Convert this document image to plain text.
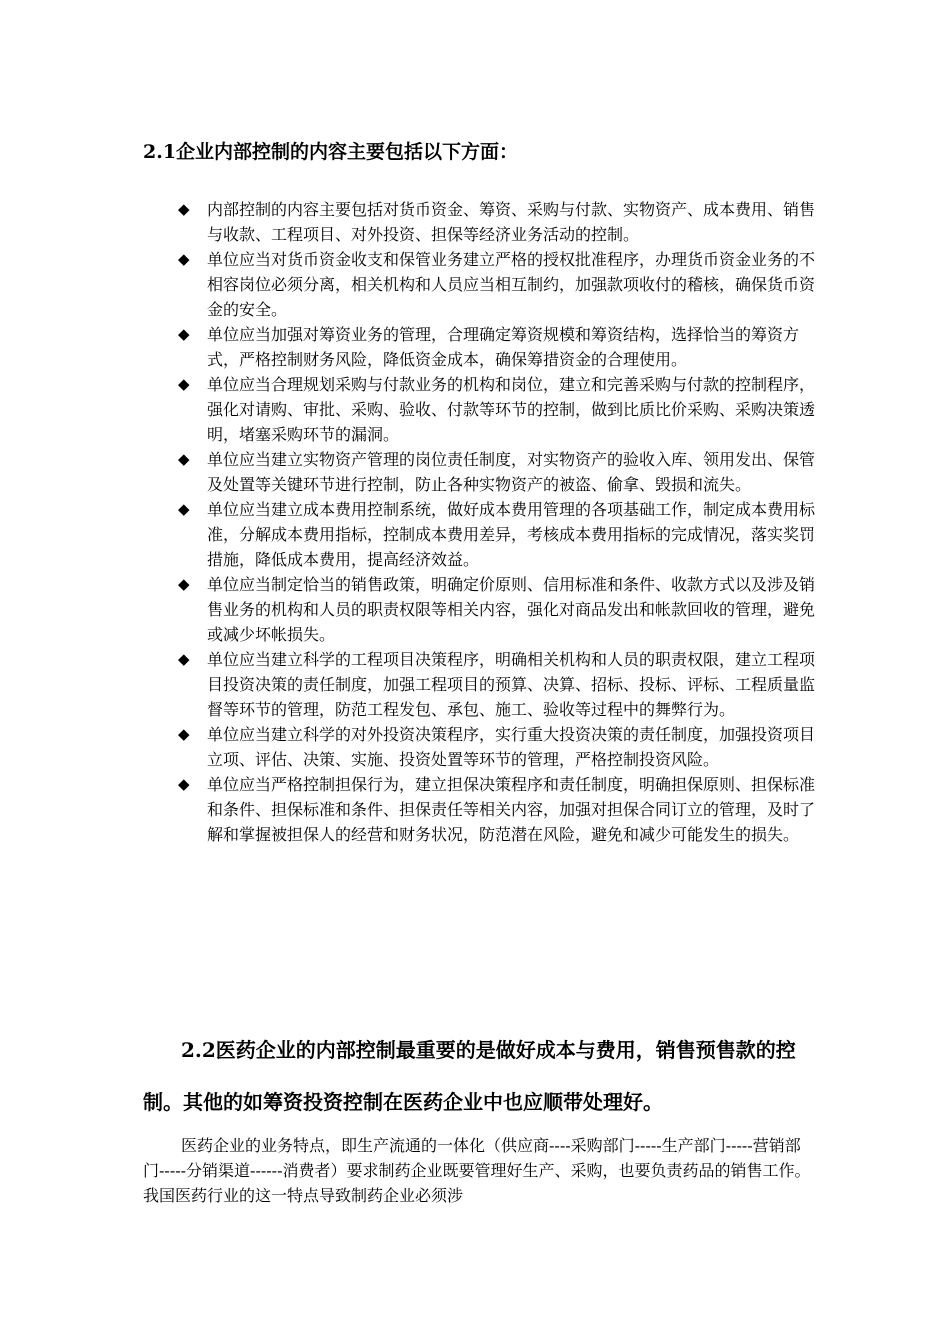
2.1企业内部控制的内容主要包括以下方面：
◆ 内部控制的内容主要包括对货币资金、筹资、采购与付款、实物资产、成本费用、销售与收款、工程项目、对外投资、担保等经济业务活动的控制。
◆ 单位应当对货币资金收支和保管业务建立严格的授权批准程序，办理货币资金业务的不相容岗位必须分离，相关机构和人员应当相互制约，加强款项收付的稽核，确保货币资金的安全。
◆ 单位应当加强对筹资业务的管理，合理确定筹资规模和筹资结构，选择恰当的筹资方式，严格控制财务风险，降低资金成本，确保筹措资金的合理使用。
◆ 单位应当合理规划采购与付款业务的机构和岗位，建立和完善采购与付款的控制程序，强化对请购、审批、采购、验收、付款等环节的控制，做到比质比价采购、采购决策透明，堵塞采购环节的漏洞。
◆ 单位应当建立实物资产管理的岗位责任制度，对实物资产的验收入库、领用发出、保管及处置等关键环节进行控制，防止各种实物资产的被盗、偷拿、毁损和流失。
◆ 单位应当建立成本费用控制系统，做好成本费用管理的各项基础工作，制定成本费用标准，分解成本费用指标，控制成本费用差异，考核成本费用指标的完成情况，落实奖罚措施，降低成本费用，提高经济效益。
◆ 单位应当制定恰当的销售政策，明确定价原则、信用标准和条件、收款方式以及涉及销售业务的机构和人员的职责权限等相关内容，强化对商品发出和帐款回收的管理，避免或减少坏帐损失。
◆ 单位应当建立科学的工程项目决策程序，明确相关机构和人员的职责权限，建立工程项目投资决策的责任制度，加强工程项目的预算、决算、招标、投标、评标、工程质量监督等环节的管理，防范工程发包、承包、施工、验收等过程中的舞弊行为。
◆ 单位应当建立科学的对外投资决策程序，实行重大投资决策的责任制度，加强投资项目立项、评估、决策、实施、投资处置等环节的管理，严格控制投资风险。
◆ 单位应当严格控制担保行为，建立担保决策程序和责任制度，明确担保原则、担保标准和条件、担保标准和条件、担保责任等相关内容，加强对担保合同订立的管理，及时了解和掌握被担保人的经营和财务状况，防范潜在风险，避免和减少可能发生的损失。
2.2医药企业的内部控制最重要的是做好成本与费用，销售预售款的控制。其他的如筹资投资控制在医药企业中也应顺带处理好。
医药企业的业务特点，即生产流通的一体化（供应商----采购部门-----生产部门-----营销部门-----分销渠道------消费者）要求制药企业既要管理好生产、采购，也要负责药品的销售工作。我国医药行业的这一特点导致制药企业必须涉
